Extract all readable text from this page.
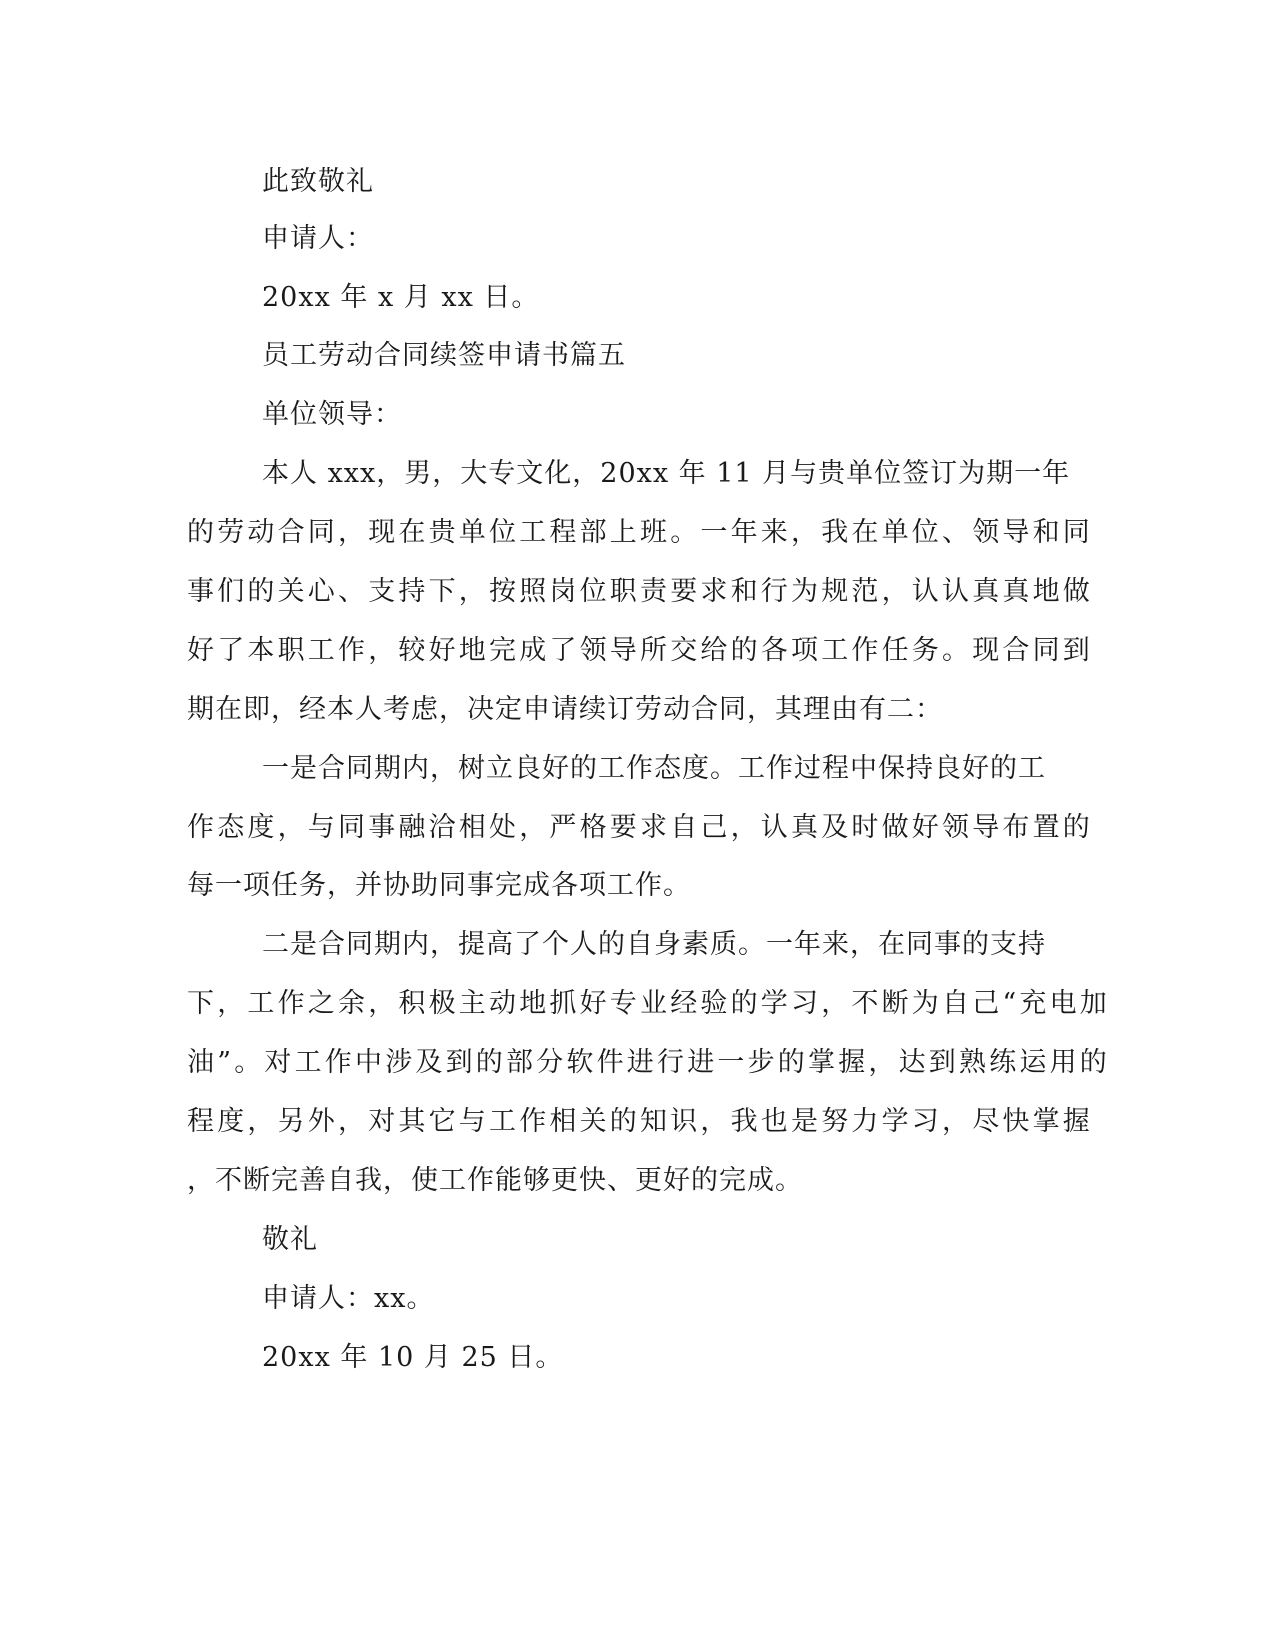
此致敬礼
申请人：
20xx 年 x 月 xx 日。
员工劳动合同续签申请书篇五
单位领导：
本人 xxx，男，大专文化，20xx 年 11 月与贵单位签订为期一年
的劳动合同，现在贵单位工程部上班。一年来，我在单位、领导和同
事们的关心、支持下，按照岗位职责要求和行为规范，认认真真地做
好了本职工作，较好地完成了领导所交给的各项工作任务。现合同到
期在即，经本人考虑，决定申请续订劳动合同，其理由有二：
一是合同期内，树立良好的工作态度。工作过程中保持良好的工
作态度，与同事融洽相处，严格要求自己，认真及时做好领导布置的
每一项任务，并协助同事完成各项工作。
二是合同期内，提高了个人的自身素质。一年来，在同事的支持
下，工作之余，积极主动地抓好专业经验的学习，不断为自己“充电加
油”。对工作中涉及到的部分软件进行进一步的掌握，达到熟练运用的
程度，另外，对其它与工作相关的知识，我也是努力学习，尽快掌握
，不断完善自我，使工作能够更快、更好的完成。
敬礼
申请人：xx。
20xx 年 10 月 25 日。
